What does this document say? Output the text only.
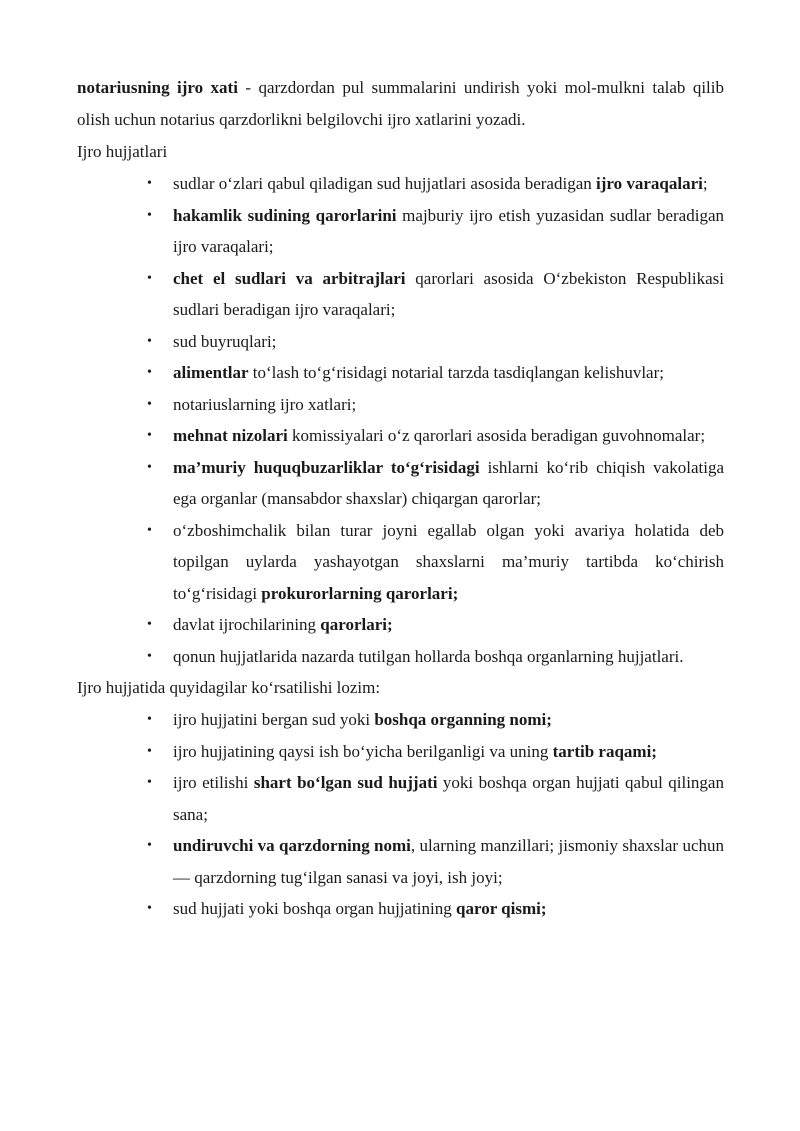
notariusning ijro xati - qarzdordan pul summalarini undirish yoki mol-mulkni talab qilib olish uchun notarius qarzdorlikni belgilovchi ijro xatlarini yozadi.

Ijro hujjatlari

• sudlar o‘zlari qabul qiladigan sud hujjatlari asosida beradigan ijro varaqalari;
• hakamlik sudining qarorlarini majburiy ijro etish yuzasidan sudlar beradigan ijro varaqalari;
• chet el sudlari va arbitrajlari qarorlari asosida O‘zbekiston Respublikasi sudlari beradigan ijro varaqalari;
• sud buyruqlari;
• alimentlar to‘lash to‘g‘risidagi notarial tarzda tasdiqlangan kelishuvlar;
• notariuslarning ijro xatlari;
• mehnat nizolari komissiyalari o‘z qarorlari asosida beradigan guvohnomalar;
• ma’muriy huquqbuzarliklar to‘g‘risidagi ishlarni ko‘rib chiqish vakolatiga ega organlar (mansabdor shaxslar) chiqargan qarorlar;
• o‘zboshimchalik bilan turar joyni egallab olgan yoki avariya holatida deb topilgan uylarda yashayotgan shaxslarni ma’muriy tartibda ko‘chirish to‘g‘risidagi prokurorlarning qarorlari;
• davlat ijrochilarining qarorlari;
• qonun hujjatlarida nazarda tutilgan hollarda boshqa organlarning hujjatlari.

Ijro hujjatida quyidagilar ko‘rsatilishi lozim:

• ijro hujjatini bergan sud yoki boshqa organning nomi;
• ijro hujjatining qaysi ish bo‘yicha berilganligi va uning tartib raqami;
• ijro etilishi shart bo‘lgan sud hujjati yoki boshqa organ hujjati qabul qilingan sana;
• undiruvchi va qarzdorning nomi, ularning manzillari; jismoniy shaxslar uchun — qarzdorning tug‘ilgan sanasi va joyi, ish joyi;
• sud hujjati yoki boshqa organ hujjatining qaror qismi;
